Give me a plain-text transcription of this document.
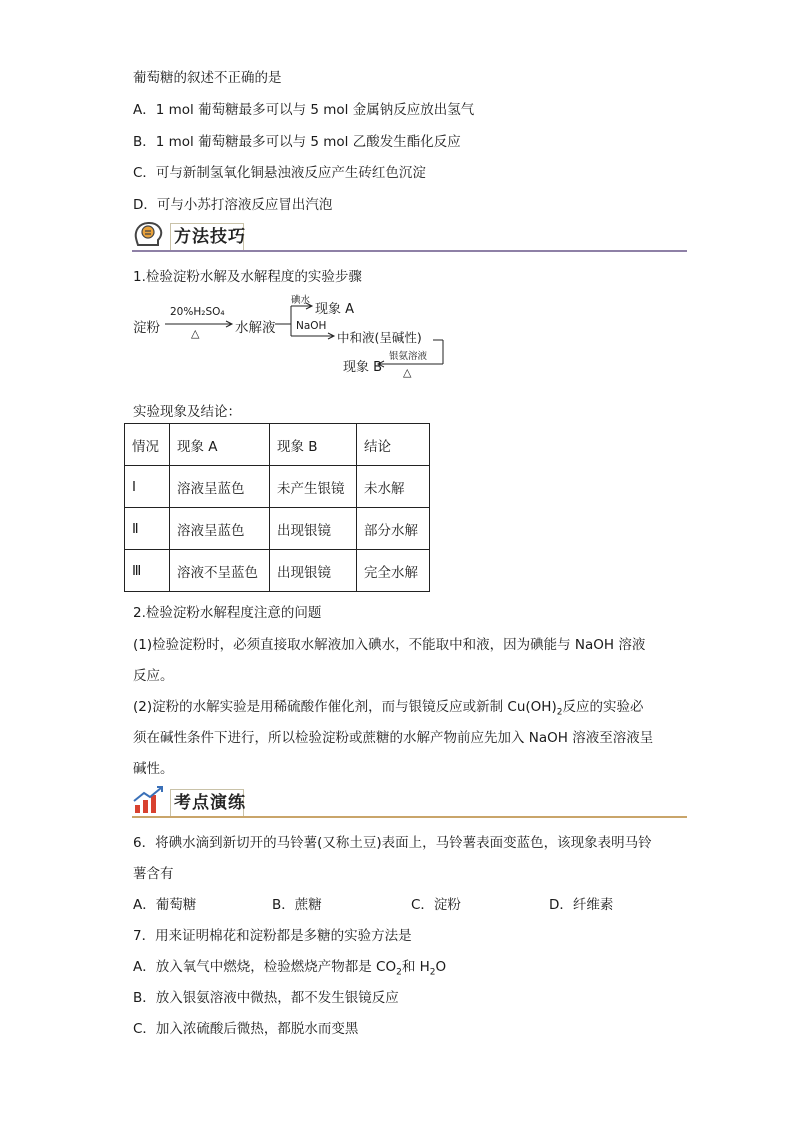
葡萄糖的叙述不正确的是
A．1 mol 葡萄糖最多可以与 5 mol 金属钠反应放出氢气
B．1 mol 葡萄糖最多可以与 5 mol 乙酸发生酯化反应
C．可与新制氢氧化铜悬浊液反应产生砖红色沉淀
D．可与小苏打溶液反应冒出汽泡
方法技巧
1.检验淀粉水解及水解程度的实验步骤
淀粉
20%H₂SO₄
△	水解液
碘水
现象 A
NaOH
中和液(呈碱性)
银氨溶液
△
现象 B
实验现象及结论：
情况	现象 A	现象 B	结论
Ⅰ	溶液呈蓝色	未产生银镜	未水解
Ⅱ	溶液呈蓝色	出现银镜	部分水解
Ⅲ	溶液不呈蓝色	出现银镜	完全水解
2.检验淀粉水解程度注意的问题
(1)检验淀粉时，必须直接取水解液加入碘水，不能取中和液，因为碘能与 NaOH 溶液
反应。
(2)淀粉的水解实验是用稀硫酸作催化剂，而与银镜反应或新制 $Cu(OH)_2$反应的实验必
须在碱性条件下进行，所以检验淀粉或蔗糖的水解产物前应先加入 NaOH 溶液至溶液呈
碱性。
考点演练
6．将碘水滴到新切开的马铃薯(又称土豆)表面上，马铃薯表面变蓝色，该现象表明马铃
薯含有
A．葡萄糖	B．蔗糖	C．淀粉	D．纤维素
7．用来证明棉花和淀粉都是多糖的实验方法是
A．放入氧气中燃烧，检验燃烧产物都是 $CO_2$和 $H_2O$
B．放入银氨溶液中微热，都不发生银镜反应
C．加入浓硫酸后微热，都脱水而变黑
